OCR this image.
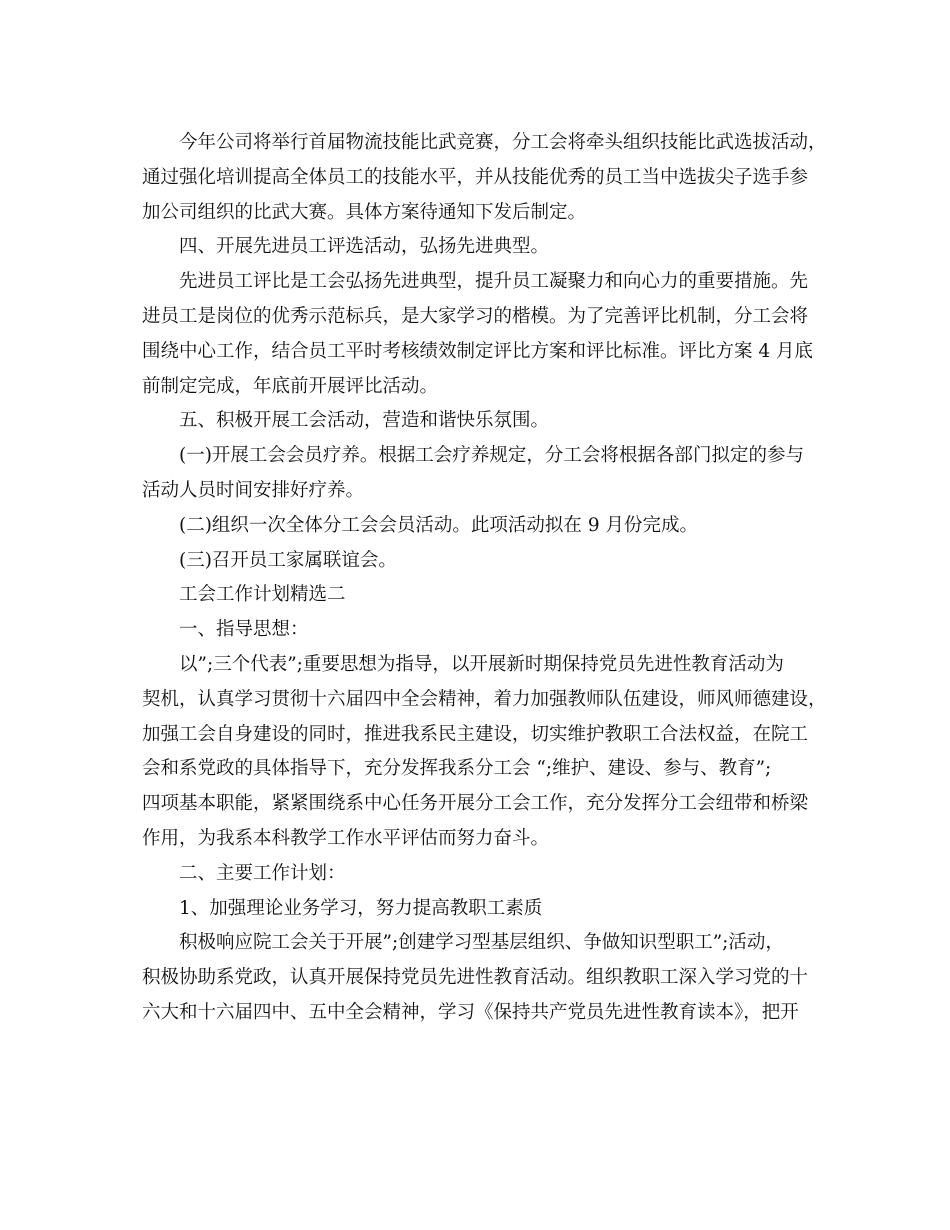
今年公司将举行首届物流技能比武竞赛，分工会将牵头组织技能比武选拔活动，
通过强化培训提高全体员工的技能水平，并从技能优秀的员工当中选拔尖子选手参
加公司组织的比武大赛。具体方案待通知下发后制定。
四、开展先进员工评选活动，弘扬先进典型。
先进员工评比是工会弘扬先进典型，提升员工凝聚力和向心力的重要措施。先
进员工是岗位的优秀示范标兵，是大家学习的楷模。为了完善评比机制，分工会将
围绕中心工作，结合员工平时考核绩效制定评比方案和评比标准。评比方案 4 月底
前制定完成，年底前开展评比活动。
五、积极开展工会活动，营造和谐快乐氛围。
(一)开展工会会员疗养。根据工会疗养规定，分工会将根据各部门拟定的参与
活动人员时间安排好疗养。
(二)组织一次全体分工会会员活动。此项活动拟在 9 月份完成。
(三)召开员工家属联谊会。
工会工作计划精选二
一、指导思想：
以”;三个代表”;重要思想为指导，以开展新时期保持党员先进性教育活动为
契机，认真学习贯彻十六届四中全会精神，着力加强教师队伍建设，师风师德建设，
加强工会自身建设的同时，推进我系民主建设，切实维护教职工合法权益，在院工
会和系党政的具体指导下，充分发挥我系分工会 “;维护、建设、参与、教育”;
四项基本职能，紧紧围绕系中心任务开展分工会工作，充分发挥分工会纽带和桥梁
作用，为我系本科教学工作水平评估而努力奋斗。
二、主要工作计划：
1、加强理论业务学习，努力提高教职工素质
积极响应院工会关于开展”;创建学习型基层组织、争做知识型职工”;活动，
积极协助系党政，认真开展保持党员先进性教育活动。组织教职工深入学习党的十
六大和十六届四中、五中全会精神，学习《保持共产党员先进性教育读本》，把开
